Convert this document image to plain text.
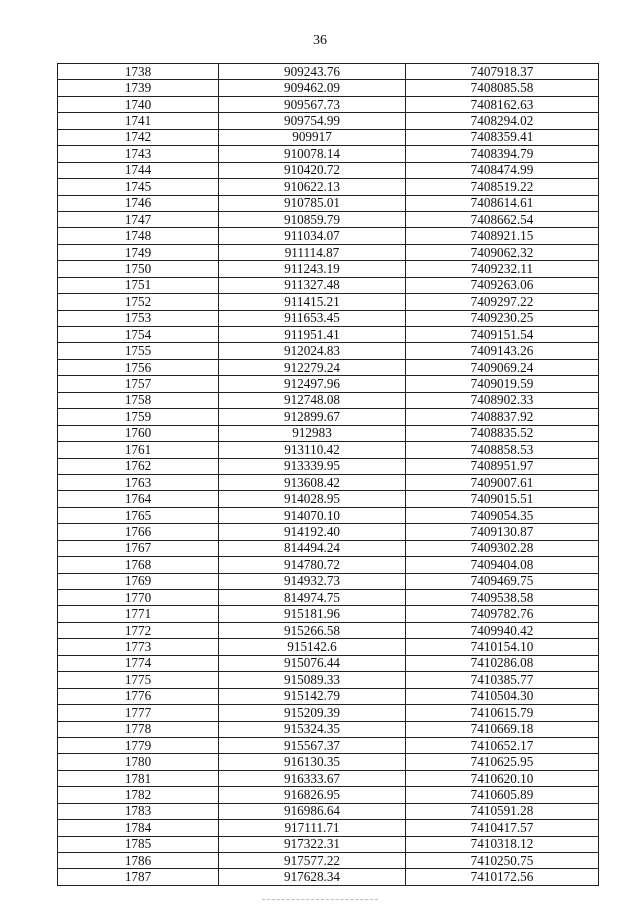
36
1738	909243.76	7407918.37
1739	909462.09	7408085.58
1740	909567.73	7408162.63
1741	909754.99	7408294.02
1742	909917	7408359.41
1743	910078.14	7408394.79
1744	910420.72	7408474.99
1745	910622.13	7408519.22
1746	910785.01	7408614.61
1747	910859.79	7408662.54
1748	911034.07	7408921.15
1749	911114.87	7409062.32
1750	911243.19	7409232.11
1751	911327.48	7409263.06
1752	911415.21	7409297.22
1753	911653.45	7409230.25
1754	911951.41	7409151.54
1755	912024.83	7409143.26
1756	912279.24	7409069.24
1757	912497.96	7409019.59
1758	912748.08	7408902.33
1759	912899.67	7408837.92
1760	912983	7408835.52
1761	913110.42	7408858.53
1762	913339.95	7408951.97
1763	913608.42	7409007.61
1764	914028.95	7409015.51
1765	914070.10	7409054.35
1766	914192.40	7409130.87
1767	814494.24	7409302.28
1768	914780.72	7409404.08
1769	914932.73	7409469.75
1770	814974.75	7409538.58
1771	915181.96	7409782.76
1772	915266.58	7409940.42
1773	915142.6	7410154.10
1774	915076.44	7410286.08
1775	915089.33	7410385.77
1776	915142.79	7410504.30
1777	915209.39	7410615.79
1778	915324.35	7410669.18
1779	915567.37	7410652.17
1780	916130.35	7410625.95
1781	916333.67	7410620.10
1782	916826.95	7410605.89
1783	916986.64	7410591.28
1784	917111.71	7410417.57
1785	917322.31	7410318.12
1786	917577.22	7410250.75
1787	917628.34	7410172.56
